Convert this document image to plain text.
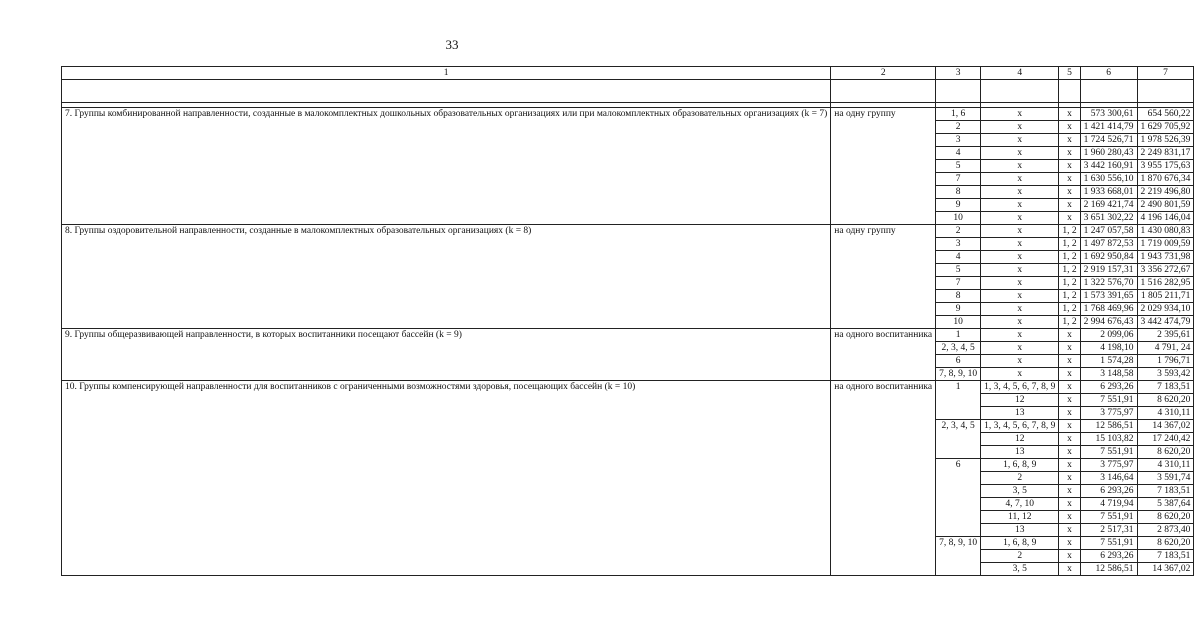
33
1	2	3	4	5	6	7

7. Группы комбинированной направленности, созданные в малокомплектных дошкольных образовательных организациях или при малокомплектных образовательных организациях (k = 7)	на одну группу	1, 6	x	x	573 300,61	654 560,22
		2	x	x	1 421 414,79	1 629 705,92
		3	x	x	1 724 526,71	1 978 526,39
		4	x	x	1 960 280,43	2 249 831,17
		5	x	x	3 442 160,91	3 955 175,63
		7	x	x	1 630 556,10	1 870 676,34
		8	x	x	1 933 668,01	2 219 496,80
		9	x	x	2 169 421,74	2 490 801,59
		10	x	x	3 651 302,22	4 196 146,04
8. Группы оздоровительной направленности, созданные в малокомплектных образовательных организациях (k = 8)	на одну группу	2	x	1, 2	1 247 057,58	1 430 080,83
		3	x	1, 2	1 497 872,53	1 719 009,59
		4	x	1, 2	1 692 950,84	1 943 731,98
		5	x	1, 2	2 919 157,31	3 356 272,67
		7	x	1, 2	1 322 576,70	1 516 282,95
		8	x	1, 2	1 573 391,65	1 805 211,71
		9	x	1, 2	1 768 469,96	2 029 934,10
		10	x	1, 2	2 994 676,43	3 442 474,79
9. Группы общеразвивающей направленности, в которых воспитанники посещают бассейн (k = 9)	на одного воспитанника	1	x	x	2 099,06	2 395,61
		2, 3, 4, 5	x	x	4 198,10	4 791, 24
		6	x	x	1 574,28	1 796,71
		7, 8, 9, 10	x	x	3 148,58	3 593,42
10. Группы компенсирующей направленности для воспитанников с ограниченными возможностями здоровья, посещающих бассейн (k = 10)	на одного воспитанника	1	1, 3, 4, 5, 6, 7, 8, 9	x	6 293,26	7 183,51
			12	x	7 551,91	8 620,20
			13	x	3 775,97	4 310,11
		2, 3, 4, 5	1, 3, 4, 5, 6, 7, 8, 9	x	12 586,51	14 367,02
			12	x	15 103,82	17 240,42
			13	x	7 551,91	8 620,20
		6	1, 6, 8, 9	x	3 775,97	4 310,11
			2	x	3 146,64	3 591,74
			3, 5	x	6 293,26	7 183,51
			4, 7, 10	x	4 719,94	5 387,64
			11, 12	x	7 551,91	8 620,20
			13	x	2 517,31	2 873,40
		7, 8, 9, 10	1, 6, 8, 9	x	7 551,91	8 620,20
			2	x	6 293,26	7 183,51
			3, 5	x	12 586,51	14 367,02
